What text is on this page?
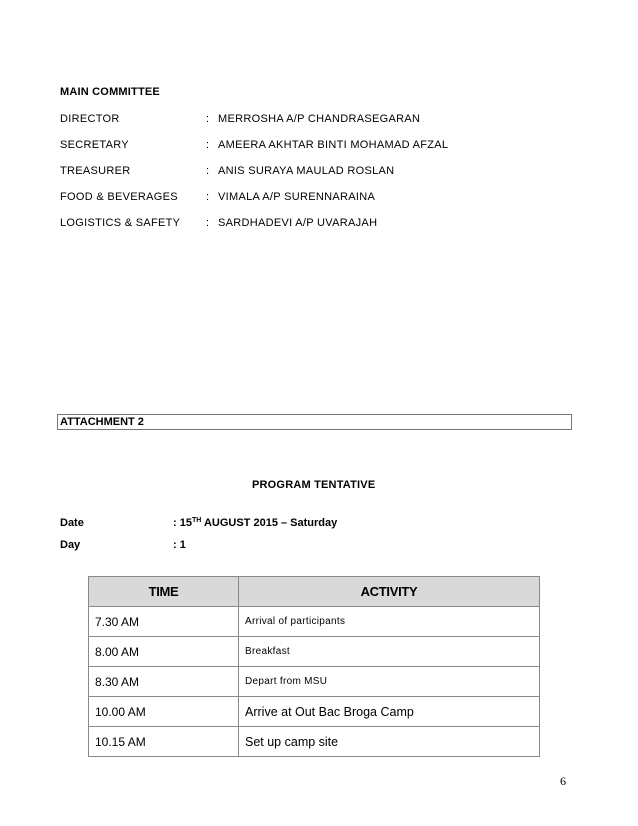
MAIN COMMITTEE
DIRECTOR	: MERROSHA A/P CHANDRASEGARAN
SECRETARY	: AMEERA AKHTAR BINTI MOHAMAD AFZAL
TREASURER	: ANIS SURAYA MAULAD ROSLAN
FOOD & BEVERAGES	: VIMALA A/P SURENNARAINA
LOGISTICS & SAFETY : SARDHADEVI A/P UVARAJAH
ATTACHMENT 2
PROGRAM TENTATIVE
Date	: 15TH AUGUST 2015 – Saturday
Day	: 1
TIME	ACTIVITY
7.30 AM	Arrival of participants
8.00 AM	Breakfast
8.30 AM	Depart from MSU
10.00 AM	Arrive at Out Bac Broga Camp
10.15 AM	Set up camp site
6
